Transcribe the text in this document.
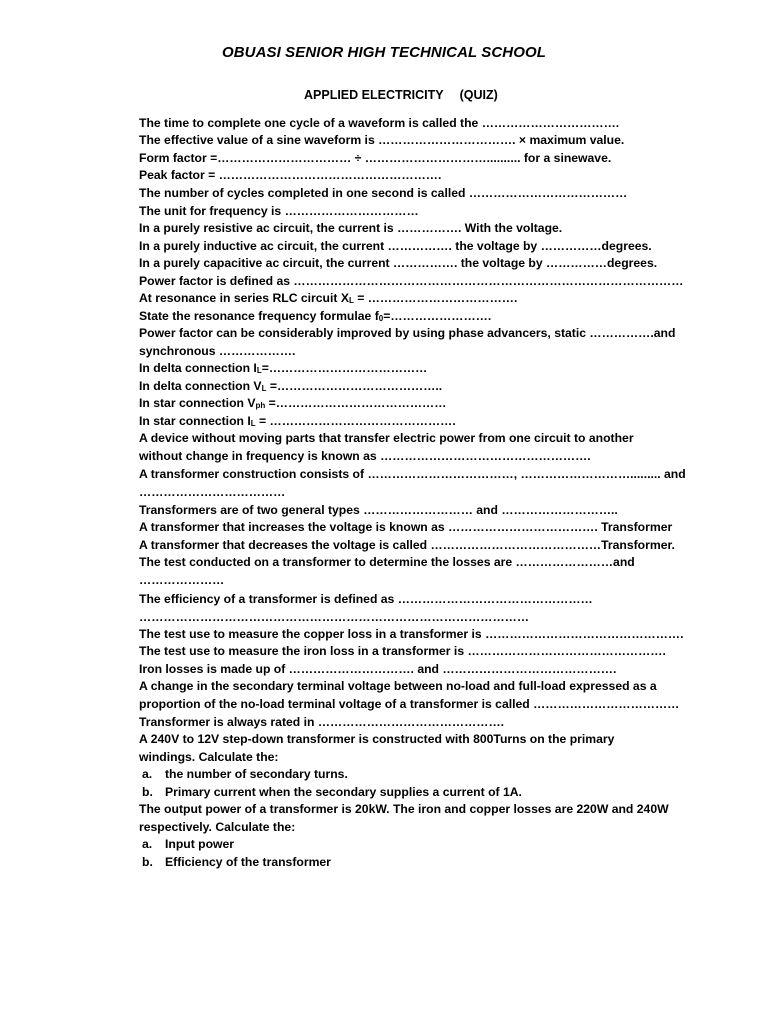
OBUASI SENIOR HIGH TECHNICAL SCHOOL
APPLIED ELECTRICITY (QUIZ)
The time to complete one cycle of a waveform is called the …………………………….
The effective value of a sine waveform is ……………………………. × maximum value.
Form factor =…………………………… ÷ ………………………….......... for a sinewave.
Peak factor = ……………………………………………….
The number of cycles completed in one second is called …………………………………
The unit for frequency is ……………………………
In a purely resistive ac circuit, the current is ……………. With the voltage.
In a purely inductive ac circuit, the current ……………. the voltage by ……………degrees.
In a purely capacitive ac circuit, the current ……………. the voltage by ……………degrees.
Power factor is defined as ……………………………………………………………………………………
At resonance in series RLC circuit $X_L$ = ……………………………….
State the resonance frequency formulae $f_0=\dots\dots\dots\dots\dots\dots\dots\dots$.
Power factor can be considerably improved by using phase advancers, static …………….and
synchronous ……………….
In delta connection $I_L=\dots\dots\dots\dots\dots\dots\dots\dots\dots\dots\dots\dots\dots$
In delta connection $V_L$ =…………………………………..
In star connection $V_{ph}$ =……………………………………
In star connection $I_L$ = ……………………………………….
A device without moving parts that transfer electric power from one circuit to another
without change in frequency is known as …………………………………………….
A transformer construction consists of ………………………………, ………………………......... and
………………………………
Transformers are of two general types ……………………… and ………………………..
A transformer that increases the voltage is known as ………………………………. Transformer
A transformer that decreases the voltage is called ……………………………………Transformer.
The test conducted on a transformer to determine the losses are ……………………and
…………………
The efficiency of a transformer is defined as …………………………………………
……………………………………………………………………………………
The test use to measure the copper loss in a transformer is ………………………………………….
The test use to measure the iron loss in a transformer is ………………………………………….
Iron losses is made up of …………………………. and …………………………………….
A change in the secondary terminal voltage between no-load and full-load expressed as a
proportion of the no-load terminal voltage of a transformer is called ………………………………
Transformer is always rated in ……………………………………….
A 240V to 12V step-down transformer is constructed with 800Turns on the primary
windings. Calculate the:
a. the number of secondary turns.
b. Primary current when the secondary supplies a current of 1A.
The output power of a transformer is 20kW. The iron and copper losses are 220W and 240W
respectively. Calculate the:
a. Input power
b. Efficiency of the transformer
